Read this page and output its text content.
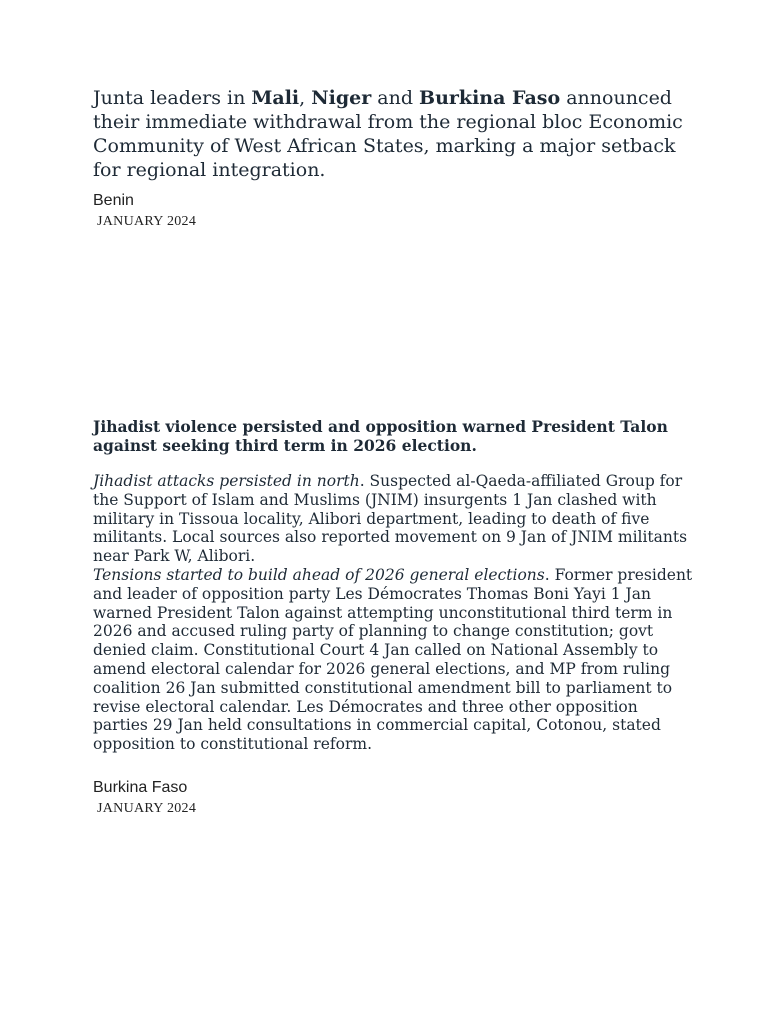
Junta leaders in Mali, Niger and Burkina Faso announced their immediate withdrawal from the regional bloc Economic Community of West African States, marking a major setback for regional integration.

Benin

JANUARY 2024

Jihadist violence persisted and opposition warned President Talon against seeking third term in 2026 election.

Jihadist attacks persisted in north. Suspected al-Qaeda-affiliated Group for the Support of Islam and Muslims (JNIM) insurgents 1 Jan clashed with military in Tissoua locality, Alibori department, leading to death of five militants. Local sources also reported movement on 9 Jan of JNIM militants near Park W, Alibori.

Tensions started to build ahead of 2026 general elections. Former president and leader of opposition party Les Démocrates Thomas Boni Yayi 1 Jan warned President Talon against attempting unconstitutional third term in 2026 and accused ruling party of planning to change constitution; govt denied claim. Constitutional Court 4 Jan called on National Assembly to amend electoral calendar for 2026 general elections, and MP from ruling coalition 26 Jan submitted constitutional amendment bill to parliament to revise electoral calendar. Les Démocrates and three other opposition parties 29 Jan held consultations in commercial capital, Cotonou, stated opposition to constitutional reform.

Burkina Faso

JANUARY 2024
